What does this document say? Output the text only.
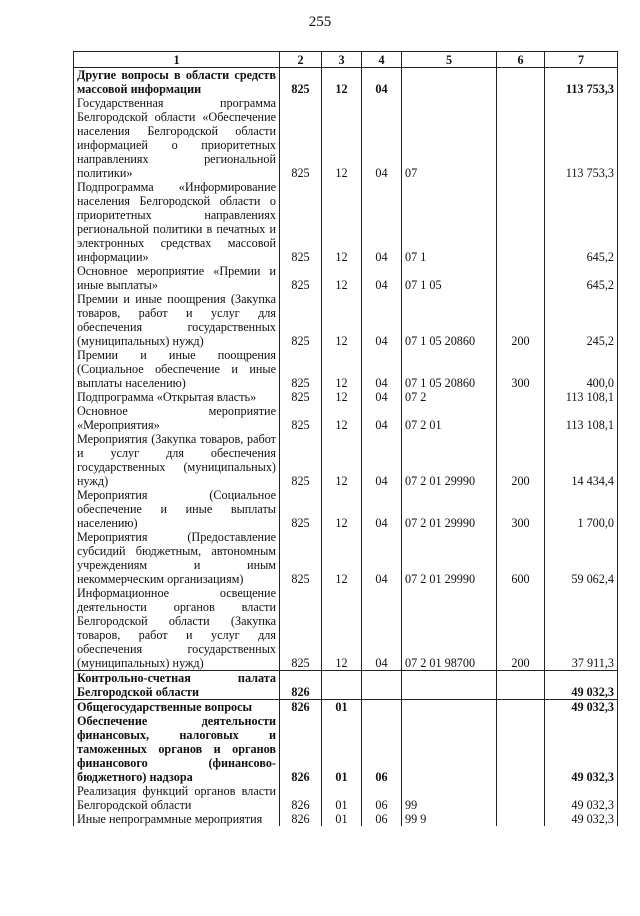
255
1	2	3	4	5	6	7
Другие вопросы в области средств массовой информации	825	12	04			113 753,3
Государственная программа Белгородской области «Обеспечение населения Белгородской области информацией о приоритетных направлениях региональной политики»	825	12	04	07		113 753,3
Подпрограмма «Информирование населения Белгородской области о приоритетных направлениях региональной политики в печатных и электронных средствах массовой информации»	825	12	04	07 1		645,2
Основное мероприятие «Премии и иные выплаты»	825	12	04	07 1 05		645,2
Премии и иные поощрения (Закупка товаров, работ и услуг для обеспечения государственных (муниципальных) нужд)	825	12	04	07 1 05 20860	200	245,2
Премии и иные поощрения (Социальное обеспечение и иные выплаты населению)	825	12	04	07 1 05 20860	300	400,0
Подпрограмма «Открытая власть»	825	12	04	07 2		113 108,1
Основное мероприятие «Мероприятия»	825	12	04	07 2 01		113 108,1
Мероприятия (Закупка товаров, работ и услуг для обеспечения государственных (муниципальных) нужд)	825	12	04	07 2 01 29990	200	14 434,4
Мероприятия (Социальное обеспечение и иные выплаты населению)	825	12	04	07 2 01 29990	300	1 700,0
Мероприятия (Предоставление субсидий бюджетным, автономным учреждениям и иным некоммерческим организациям)	825	12	04	07 2 01 29990	600	59 062,4
Информационное освещение деятельности органов власти Белгородской области (Закупка товаров, работ и услуг для обеспечения государственных (муниципальных) нужд)	825	12	04	07 2 01 98700	200	37 911,3
Контрольно-счетная палата Белгородской области	826					49 032,3
Общегосударственные вопросы	826	01				49 032,3
Обеспечение деятельности финансовых, налоговых и таможенных органов и органов финансового (финансово-бюджетного) надзора	826	01	06			49 032,3
Реализация функций органов власти Белгородской области	826	01	06	99		49 032,3
Иные непрограммные мероприятия	826	01	06	99 9		49 032,3
